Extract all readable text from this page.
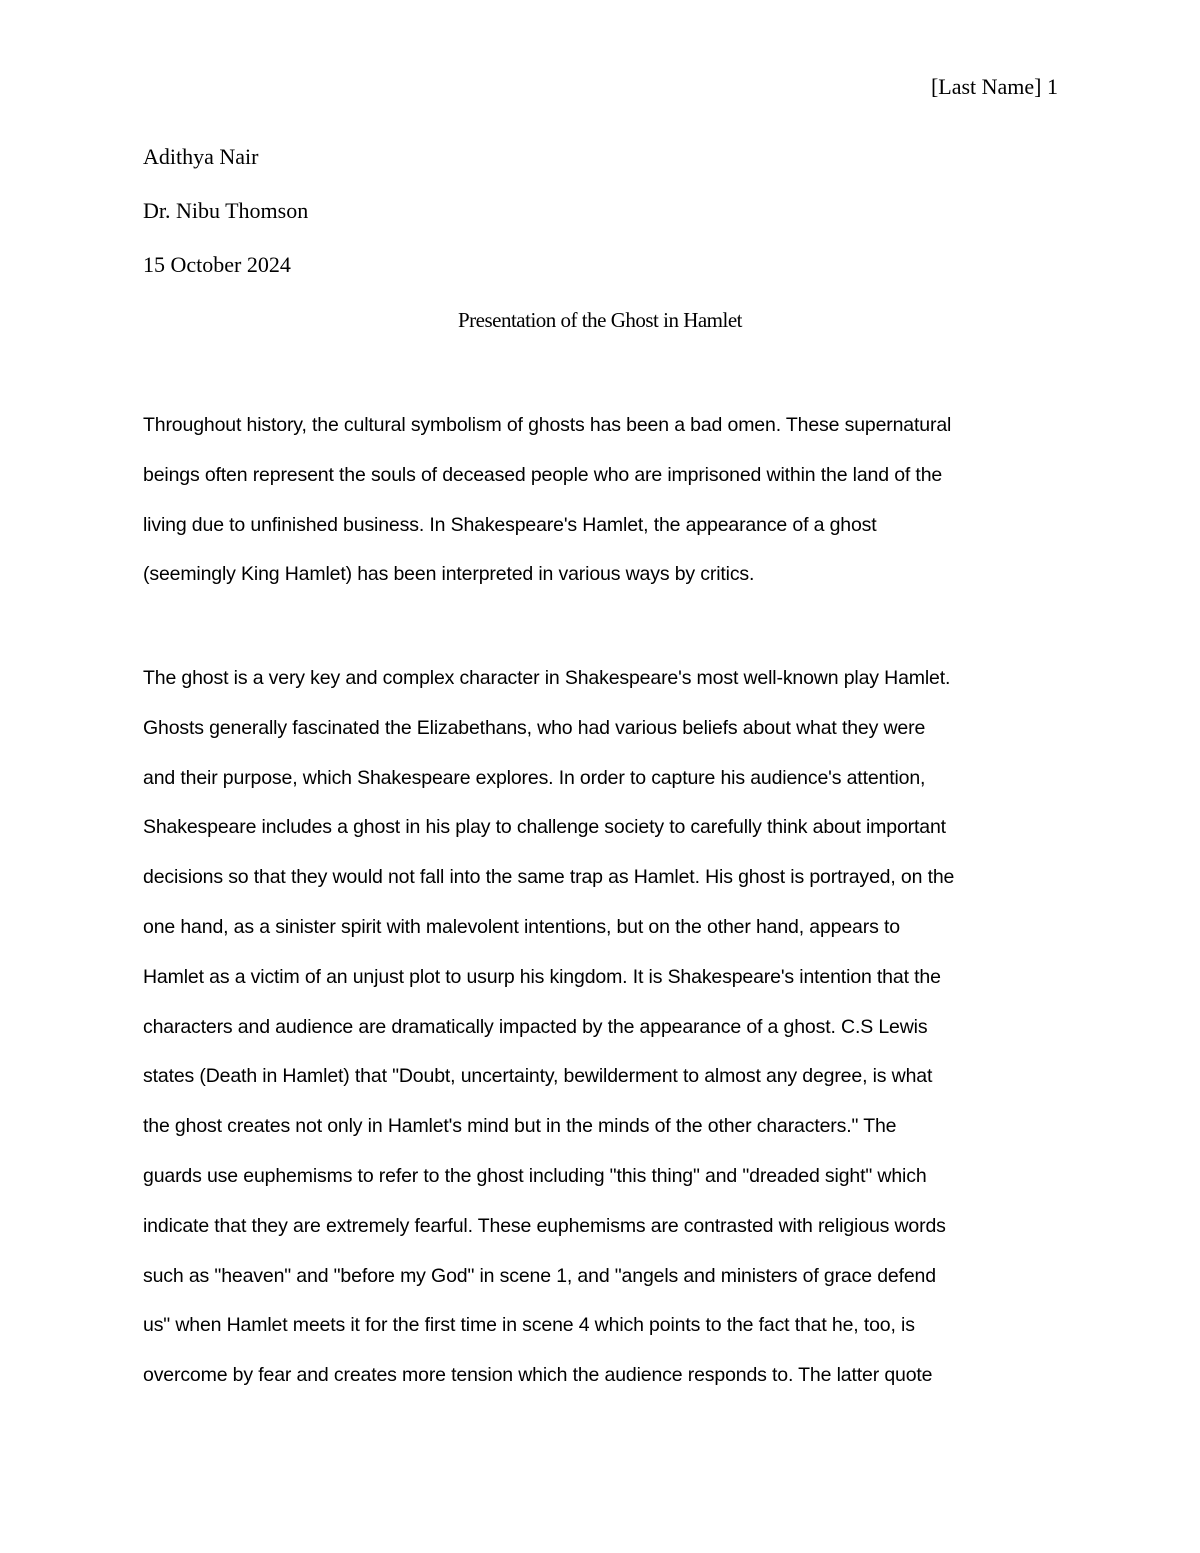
[Last Name] 1
Adithya Nair
Dr. Nibu Thomson
15 October 2024
Presentation of the Ghost in Hamlet
Throughout history, the cultural symbolism of ghosts has been a bad omen. These supernatural
beings often represent the souls of deceased people who are imprisoned within the land of the
living due to unfinished business. In Shakespeare's Hamlet, the appearance of a ghost
(seemingly King Hamlet) has been interpreted in various ways by critics.
The ghost is a very key and complex character in Shakespeare's most well-known play Hamlet.
Ghosts generally fascinated the Elizabethans, who had various beliefs about what they were
and their purpose, which Shakespeare explores. In order to capture his audience's attention,
Shakespeare includes a ghost in his play to challenge society to carefully think about important
decisions so that they would not fall into the same trap as Hamlet. His ghost is portrayed, on the
one hand, as a sinister spirit with malevolent intentions, but on the other hand, appears to
Hamlet as a victim of an unjust plot to usurp his kingdom. It is Shakespeare's intention that the
characters and audience are dramatically impacted by the appearance of a ghost. C.S Lewis
states (Death in Hamlet) that "Doubt, uncertainty, bewilderment to almost any degree, is what
the ghost creates not only in Hamlet's mind but in the minds of the other characters." The
guards use euphemisms to refer to the ghost including "this thing" and "dreaded sight" which
indicate that they are extremely fearful. These euphemisms are contrasted with religious words
such as "heaven" and "before my God" in scene 1, and "angels and ministers of grace defend
us" when Hamlet meets it for the first time in scene 4 which points to the fact that he, too, is
overcome by fear and creates more tension which the audience responds to. The latter quote
